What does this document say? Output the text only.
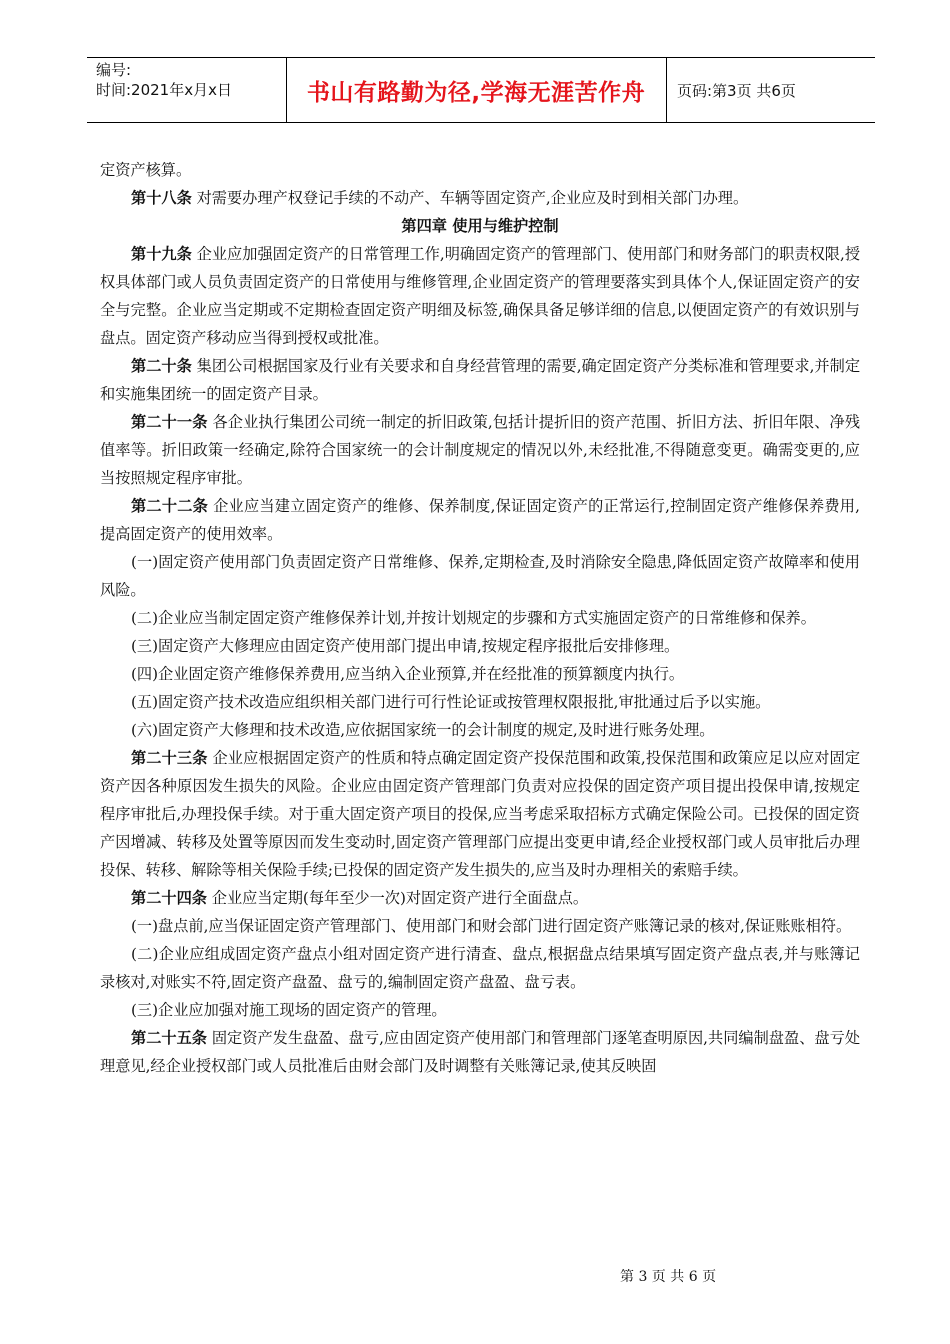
编号:
时间:2021年x月x日	书山有路勤为径,学海无涯苦作舟	页码:第3页 共6页

定资产核算。

第十八条 对需要办理产权登记手续的不动产、车辆等固定资产,企业应及时到相关部门办理。

第四章 使用与维护控制

第十九条 企业应加强固定资产的日常管理工作,明确固定资产的管理部门、使用部门和财务部门的职责权限,授权具体部门或人员负责固定资产的日常使用与维修管理,企业固定资产的管理要落实到具体个人,保证固定资产的安全与完整。企业应当定期或不定期检查固定资产明细及标签,确保具备足够详细的信息,以便固定资产的有效识别与盘点。固定资产移动应当得到授权或批准。

第二十条 集团公司根据国家及行业有关要求和自身经营管理的需要,确定固定资产分类标准和管理要求,并制定和实施集团统一的固定资产目录。

第二十一条 各企业执行集团公司统一制定的折旧政策,包括计提折旧的资产范围、折旧方法、折旧年限、净残值率等。折旧政策一经确定,除符合国家统一的会计制度规定的情况以外,未经批准,不得随意变更。确需变更的,应当按照规定程序审批。

第二十二条 企业应当建立固定资产的维修、保养制度,保证固定资产的正常运行,控制固定资产维修保养费用,提高固定资产的使用效率。

(一)固定资产使用部门负责固定资产日常维修、保养,定期检查,及时消除安全隐患,降低固定资产故障率和使用风险。

(二)企业应当制定固定资产维修保养计划,并按计划规定的步骤和方式实施固定资产的日常维修和保养。

(三)固定资产大修理应由固定资产使用部门提出申请,按规定程序报批后安排修理。

(四)企业固定资产维修保养费用,应当纳入企业预算,并在经批准的预算额度内执行。

(五)固定资产技术改造应组织相关部门进行可行性论证或按管理权限报批,审批通过后予以实施。

(六)固定资产大修理和技术改造,应依据国家统一的会计制度的规定,及时进行账务处理。

第二十三条 企业应根据固定资产的性质和特点确定固定资产投保范围和政策,投保范围和政策应足以应对固定资产因各种原因发生损失的风险。企业应由固定资产管理部门负责对应投保的固定资产项目提出投保申请,按规定程序审批后,办理投保手续。对于重大固定资产项目的投保,应当考虑采取招标方式确定保险公司。已投保的固定资产因增减、转移及处置等原因而发生变动时,固定资产管理部门应提出变更申请,经企业授权部门或人员审批后办理投保、转移、解除等相关保险手续;已投保的固定资产发生损失的,应当及时办理相关的索赔手续。

第二十四条 企业应当定期(每年至少一次)对固定资产进行全面盘点。

(一)盘点前,应当保证固定资产管理部门、使用部门和财会部门进行固定资产账簿记录的核对,保证账账相符。

(二)企业应组成固定资产盘点小组对固定资产进行清查、盘点,根据盘点结果填写固定资产盘点表,并与账簿记录核对,对账实不符,固定资产盘盈、盘亏的,编制固定资产盘盈、盘亏表。

(三)企业应加强对施工现场的固定资产的管理。

第二十五条 固定资产发生盘盈、盘亏,应由固定资产使用部门和管理部门逐笔查明原因,共同编制盘盈、盘亏处理意见,经企业授权部门或人员批准后由财会部门及时调整有关账簿记录,使其反映固

第 3 页 共 6 页
